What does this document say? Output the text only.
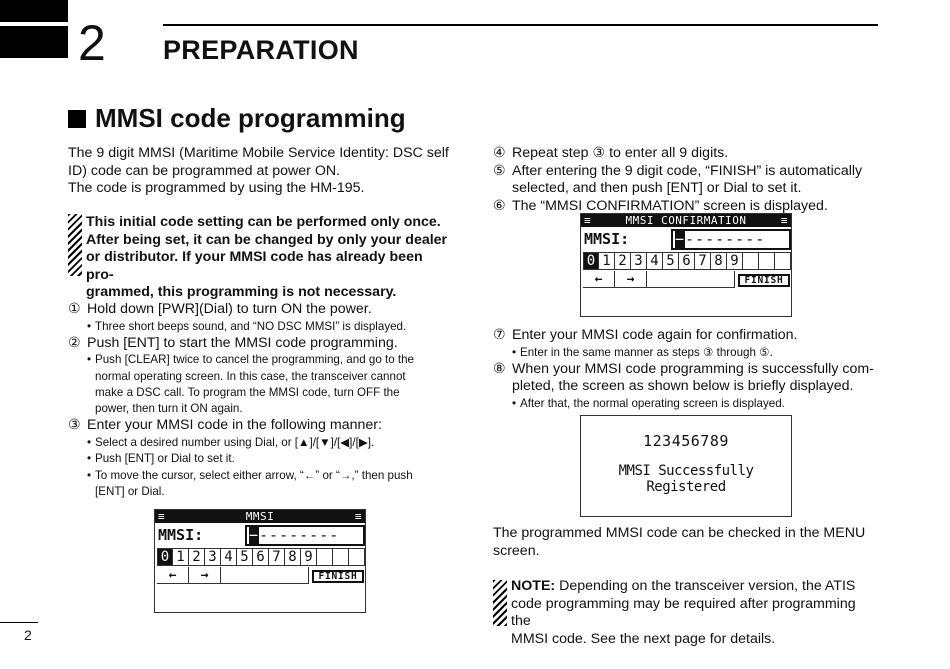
2 PREPARATION
MMSI code programming
The 9 digit MMSI (Maritime Mobile Service Identity: DSC self
ID) code can be programmed at power ON.
The code is programmed by using the HM-195.
This initial code setting can be performed only once.
After being set, it can be changed by only your dealer
or distributor. If your MMSI code has already been pro-
grammed, this programming is not necessary.
① Hold down [PWR](Dial) to turn ON the power.
• Three short beeps sound, and “NO DSC MMSI” is displayed.
② Push [ENT] to start the MMSI code programming.
• Push [CLEAR] twice to cancel the programming, and go to the
normal operating screen. In this case, the transceiver cannot
make a DSC call. To program the MMSI code, turn OFF the
power, then turn it ON again.
③ Enter your MMSI code in the following manner:
• Select a desired number using Dial, or [▲]/[▼]/[◀]/[▶].
• Push [ENT] or Dial to set it.
• To move the cursor, select either arrow, “←” or “→,” then push
[ENT] or Dial.
≡	MMSI	≡
MMSI:	−--------
0 1 2 3 4 5 6 7 8 9
←	→	FINISH
④ Repeat step ③ to enter all 9 digits.
⑤ After entering the 9 digit code, “FINISH” is automatically
selected, and then push [ENT] or Dial to set it.
⑥ The “MMSI CONFIRMATION” screen is displayed.
≡	MMSI CONFIRMATION	≡
MMSI:	−--------
0 1 2 3 4 5 6 7 8 9
←	→	FINISH
⑦ Enter your MMSI code again for confirmation.
• Enter in the same manner as steps ③ through ⑤.
⑧ When your MMSI code programming is successfully com-
pleted, the screen as shown below is briefly displayed.
• After that, the normal operating screen is displayed.
123456789
MMSI Successfully
Registered
The programmed MMSI code can be checked in the MENU
screen.
NOTE: Depending on the transceiver version, the ATIS
code programming may be required after programming the
MMSI code. See the next page for details.
2
